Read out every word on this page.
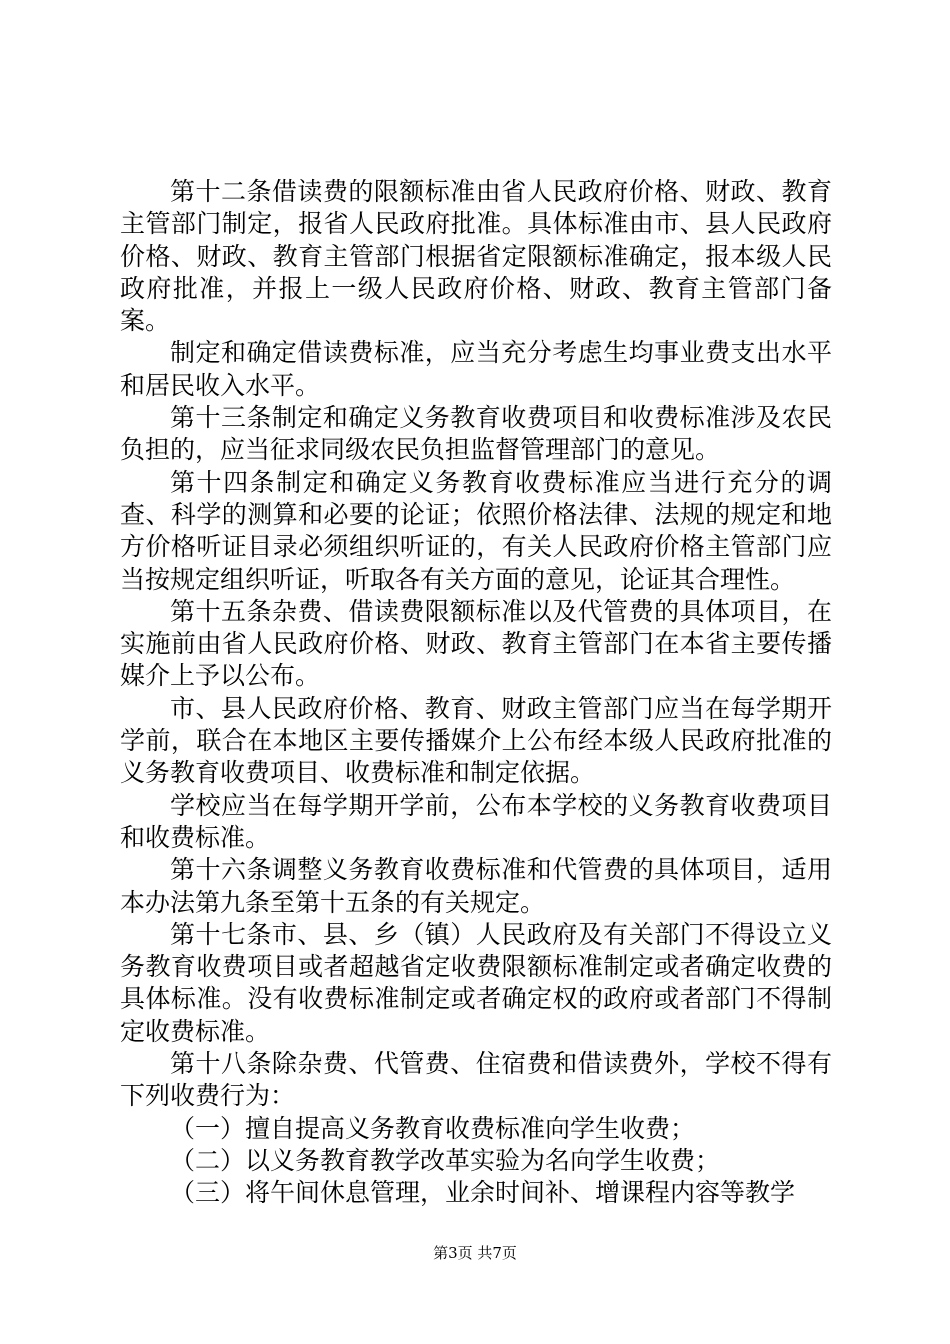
第十二条借读费的限额标准由省人民政府价格、财政、教育主管部门制定，报省人民政府批准。具体标准由市、县人民政府价格、财政、教育主管部门根据省定限额标准确定，报本级人民政府批准，并报上一级人民政府价格、财政、教育主管部门备案。

制定和确定借读费标准，应当充分考虑生均事业费支出水平和居民收入水平。

第十三条制定和确定义务教育收费项目和收费标准涉及农民负担的，应当征求同级农民负担监督管理部门的意见。

第十四条制定和确定义务教育收费标准应当进行充分的调查、科学的测算和必要的论证；依照价格法律、法规的规定和地方价格听证目录必须组织听证的，有关人民政府价格主管部门应当按规定组织听证，听取各有关方面的意见，论证其合理性。

第十五条杂费、借读费限额标准以及代管费的具体项目，在实施前由省人民政府价格、财政、教育主管部门在本省主要传播媒介上予以公布。

市、县人民政府价格、教育、财政主管部门应当在每学期开学前，联合在本地区主要传播媒介上公布经本级人民政府批准的义务教育收费项目、收费标准和制定依据。

学校应当在每学期开学前，公布本学校的义务教育收费项目和收费标准。

第十六条调整义务教育收费标准和代管费的具体项目，适用本办法第九条至第十五条的有关规定。

第十七条市、县、乡（镇）人民政府及有关部门不得设立义务教育收费项目或者超越省定收费限额标准制定或者确定收费的具体标准。没有收费标准制定或者确定权的政府或者部门不得制定收费标准。

第十八条除杂费、代管费、住宿费和借读费外，学校不得有下列收费行为：

（一）擅自提高义务教育收费标准向学生收费；

（二）以义务教育教学改革实验为名向学生收费；

（三）将午间休息管理，业余时间补、增课程内容等教学

第3页 共7页
